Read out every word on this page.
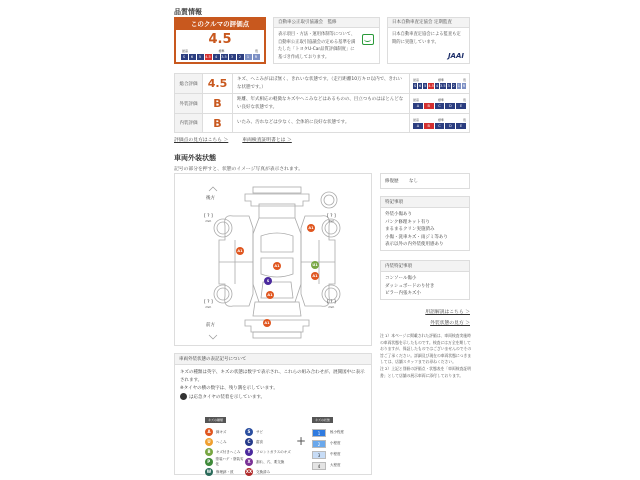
品質情報
このクルマの評価点
4.5
最高	標準	低
S	6	5	4.5	4	3.5	3	2	1	R
自動車公正取引協議会　監修
表示項目・方法・運用体制等について、自動車公正取引協議会の定める基準を満たした「トヨタU-Car品質評価制度」に基づき作成しております。
日本自動車査定協会 定期監査
日本自動車査定協会による監査も定期的に実施しています。
JAAI
総合評価	4.5	キズ、へこみがほぼ無く、きれいな状態です。（走行距離10万キロ以内で、きれいな状態です。）	
最高	標準	低
S 6 5 4.5 4 3.5 3 2 1 R

外装評価	B	距離、年式相応の軽微なキズやへこみなどはあるものの、目立つものはほとんどない良好な状態です。	
最高	標準	低
A	B	C	D	E

内装評価	B	いたみ、汚れなどは少なく、全体的に良好な状態です。	
最高	標準	低
A	B	C	D	E
評価点の見方はこちら ＞	車両検査証明書とは ＞
車両外装状態
記号の部分を押すと、状態のイメージ写真が表示されます。
後方
前方
[ ? ]
mm
[ ? ]
mm
[ ? ]
mm
[ ? ]
mm
A1
A1
A1	U1
A1
S
A1
A1
修復歴	なし
特記事項
外装小傷あり
パンク修理キット有り
まるまるクリン実施済み
小傷・洗車キズ・雨ジミ等あり
表示以外の内外装使用感あり
内装特記事項
コンソール傷小
ダッシュボードのり付き
ピラー内張キズ小
用語解説はこちら ＞
外装状態の見方 ＞

注 1）本ページに掲載された評価は、車両検査実施時の車両状態を示したものです。検査には万全を期しておりますが、保証したものではございませんのでその旨ご了承ください。詳細及び現在の車両状態につきましては、店舗スタッフまでお尋ねください。

注 2）上記と別冊の評価点・状態表を「車両検査証明書」として店舗の展示車両に添付しております。

車両外装状態の表記記号について

キズの種類は英字、キズの状態は数字で表示され、これらの組み合わせが、展開図中に表示されます。

※タイヤの横の数字は、残り溝を示しています。

は応急タイヤの装着を示しています。

キズの種類
A	線キズ	S	サビ
U	へこみ	C	腐食
B	キズ付きへこみ	Y	フロントガラスのキズ
P	塗装ハゲ・塗装劣化	X	割れ、穴、要交換
W	修理跡・波	XX 交換済み
+
キズの状態
1	極小程度
2	小程度
3	中程度
4	大程度
